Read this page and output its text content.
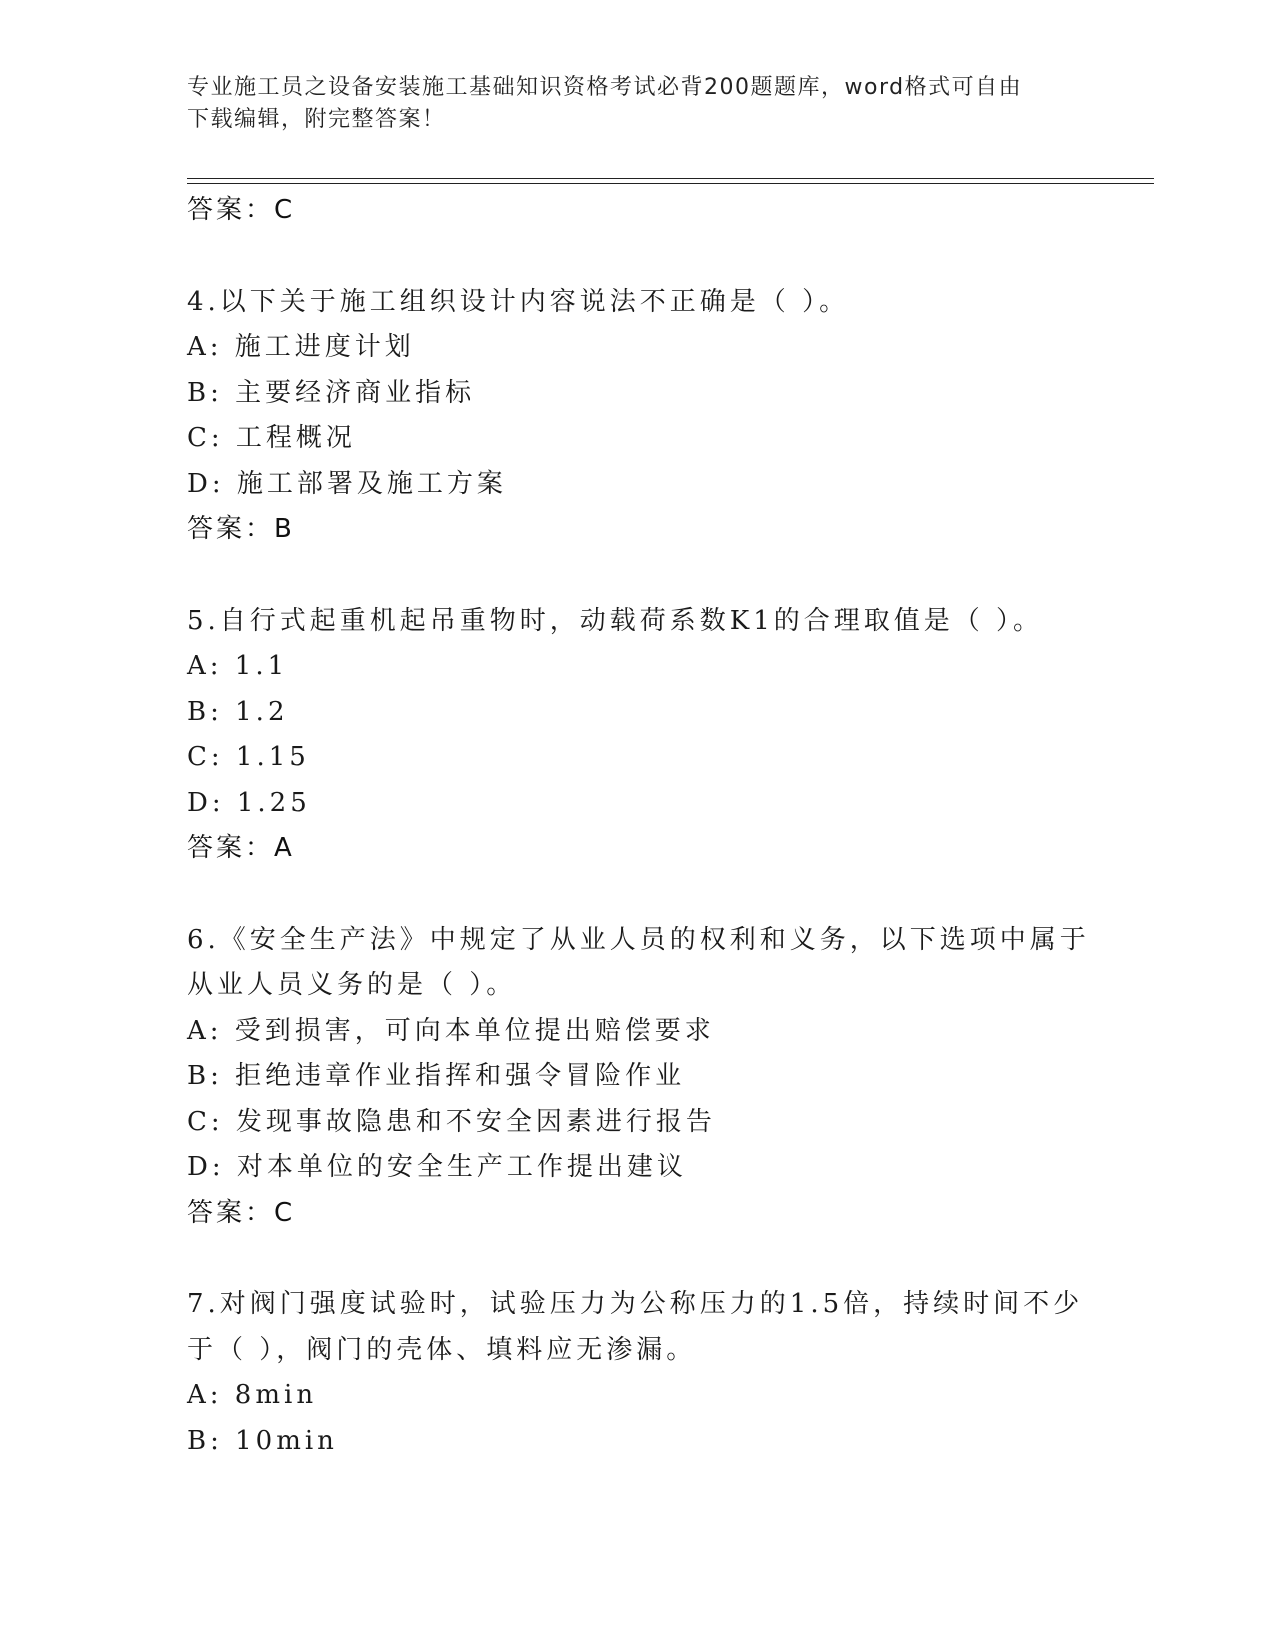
专业施工员之设备安装施工基础知识资格考试必背200题题库，word格式可自由
下载编辑，附完整答案！
答案：C
4.以下关于施工组织设计内容说法不正确是（ ）。
A: 施工进度计划
B: 主要经济商业指标
C: 工程概况
D: 施工部署及施工方案
答案：B
5.自行式起重机起吊重物时，动载荷系数K1的合理取值是（ ）。
A: 1.1
B: 1.2
C: 1.15
D: 1.25
答案：A
6.《安全生产法》中规定了从业人员的权利和义务，以下选项中属于
从业人员义务的是（ ）。
A: 受到损害，可向本单位提出赔偿要求
B: 拒绝违章作业指挥和强令冒险作业
C: 发现事故隐患和不安全因素进行报告
D: 对本单位的安全生产工作提出建议
答案：C
7.对阀门强度试验时，试验压力为公称压力的1.5倍，持续时间不少
于（ ），阀门的壳体、填料应无渗漏。
A: 8min
B: 10min
